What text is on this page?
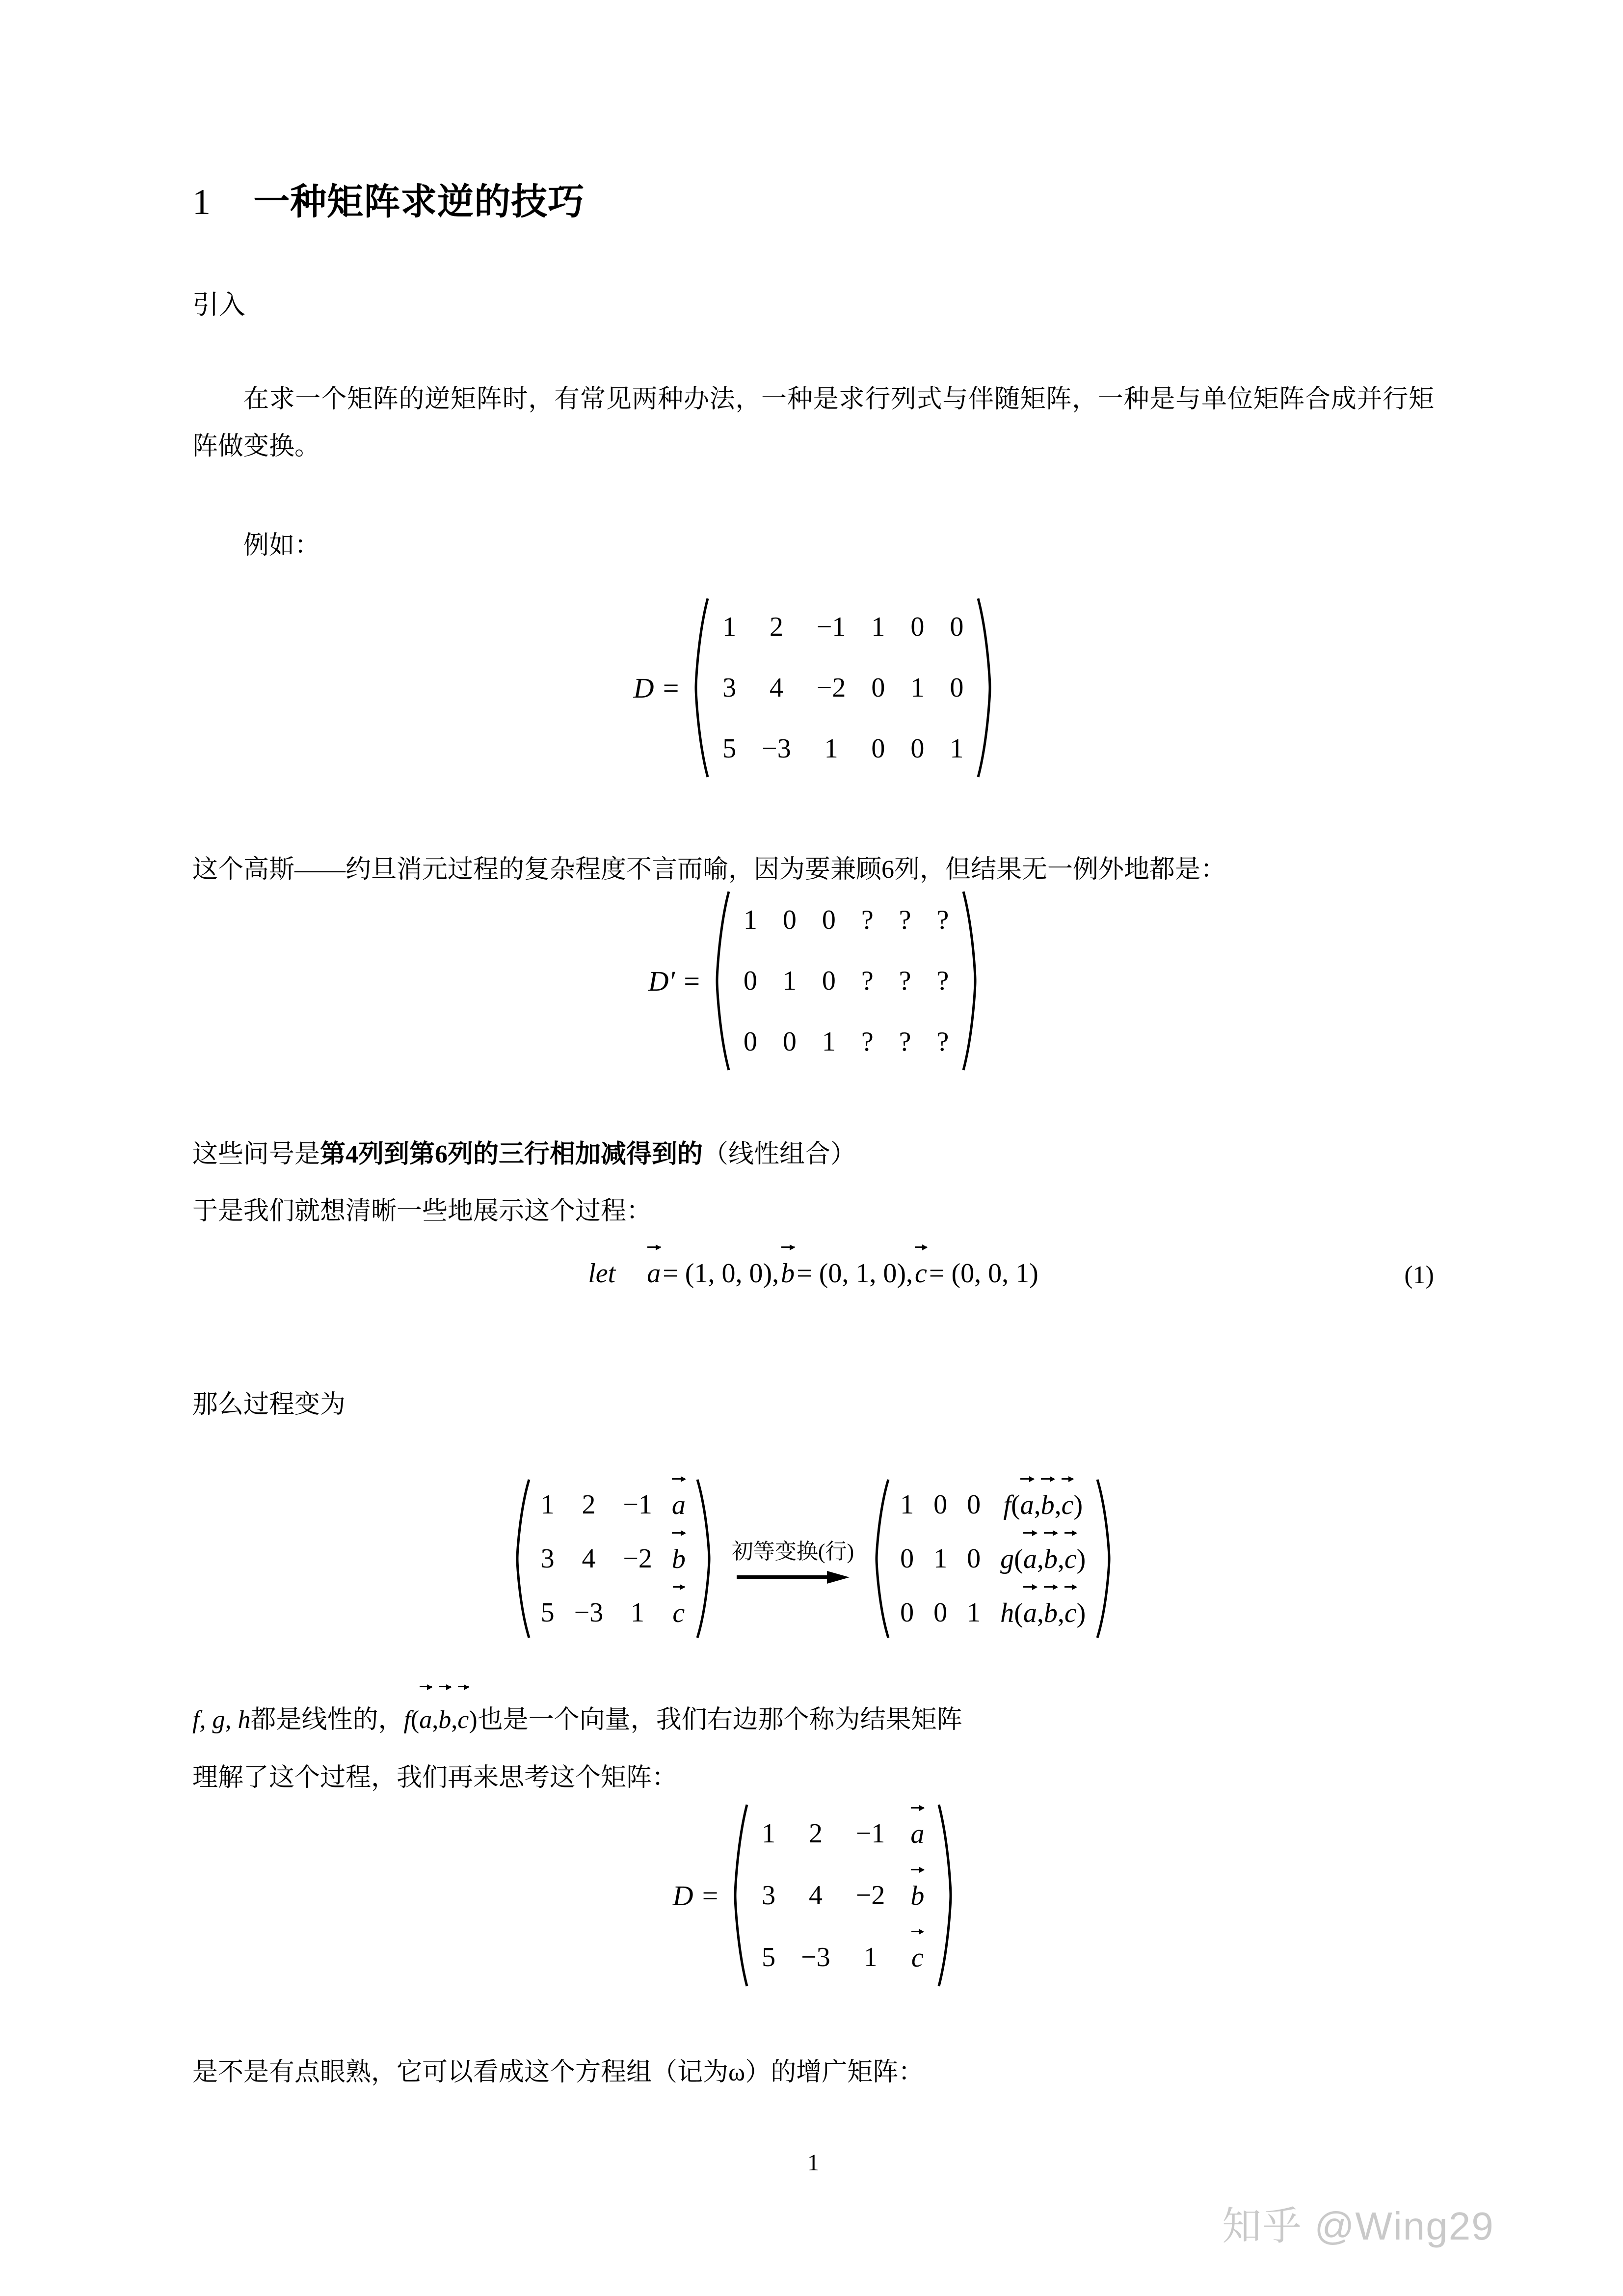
1 一种矩阵求逆的技巧
引入

在求一个矩阵的逆矩阵时，有常见两种办法，一种是求行列式与伴随矩阵，一种是与单位矩阵合成并行矩阵做变换。

例如：

D =
1	2	−1	1	0	0
3	4	−2	0	1	0
5	−3	1	0	0	1

这个高斯——约旦消元过程的复杂程度不言而喻，因为要兼顾6列，但结果无一例外地都是：

D′ =
1	0	0	?	?	?
0	1	0	?	?	?
0	0	1	?	?	?

这些问号是第4列到第6列的三行相加减得到的（线性组合）

于是我们就想清晰一些地展示这个过程：

let a = (1, 0, 0), b = (0, 1, 0), c = (0, 0, 1)	(1)

那么过程变为

1	2	−1	a
3	4	−2	b
5	−3	1	c
初等变换(行)
1	0	0	f(a,b,c)
0	1	0	g(a,b,c)
0	0	1	h(a,b,c)

f, g, h都是线性的，f(a,b,c)也是一个向量，我们右边那个称为结果矩阵

理解了这个过程，我们再来思考这个矩阵：

D =
1	2	−1	a
3	4	−2	b
5	−3	1	c

是不是有点眼熟，它可以看成这个方程组（记为ω）的增广矩阵：

1
知乎 @Wing29
